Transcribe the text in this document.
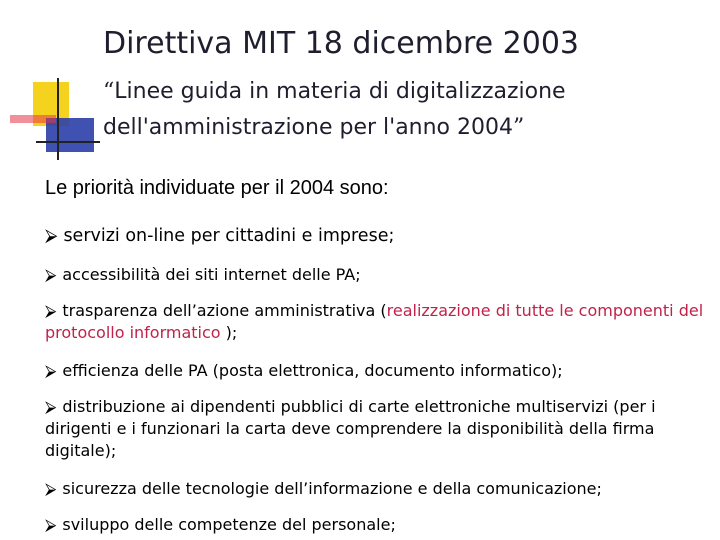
Direttiva MIT 18 dicembre 2003
“Linee guida in materia di digitalizzazione
dell'amministrazione per l'anno 2004”
Le priorità individuate per il 2004 sono:
⮚ servizi on-line per cittadini e imprese;
⮚ accessibilità dei siti internet delle PA;
⮚ trasparenza dell’azione amministrativa (realizzazione di tutte le componenti del protocollo informatico );
⮚ efficienza delle PA (posta elettronica, documento informatico);
⮚ distribuzione ai dipendenti pubblici di carte elettroniche multiservizi (per i dirigenti e i funzionari la carta deve comprendere la disponibilità della firma digitale);
⮚ sicurezza delle tecnologie dell’informazione e della comunicazione;
⮚ sviluppo delle competenze del personale;
